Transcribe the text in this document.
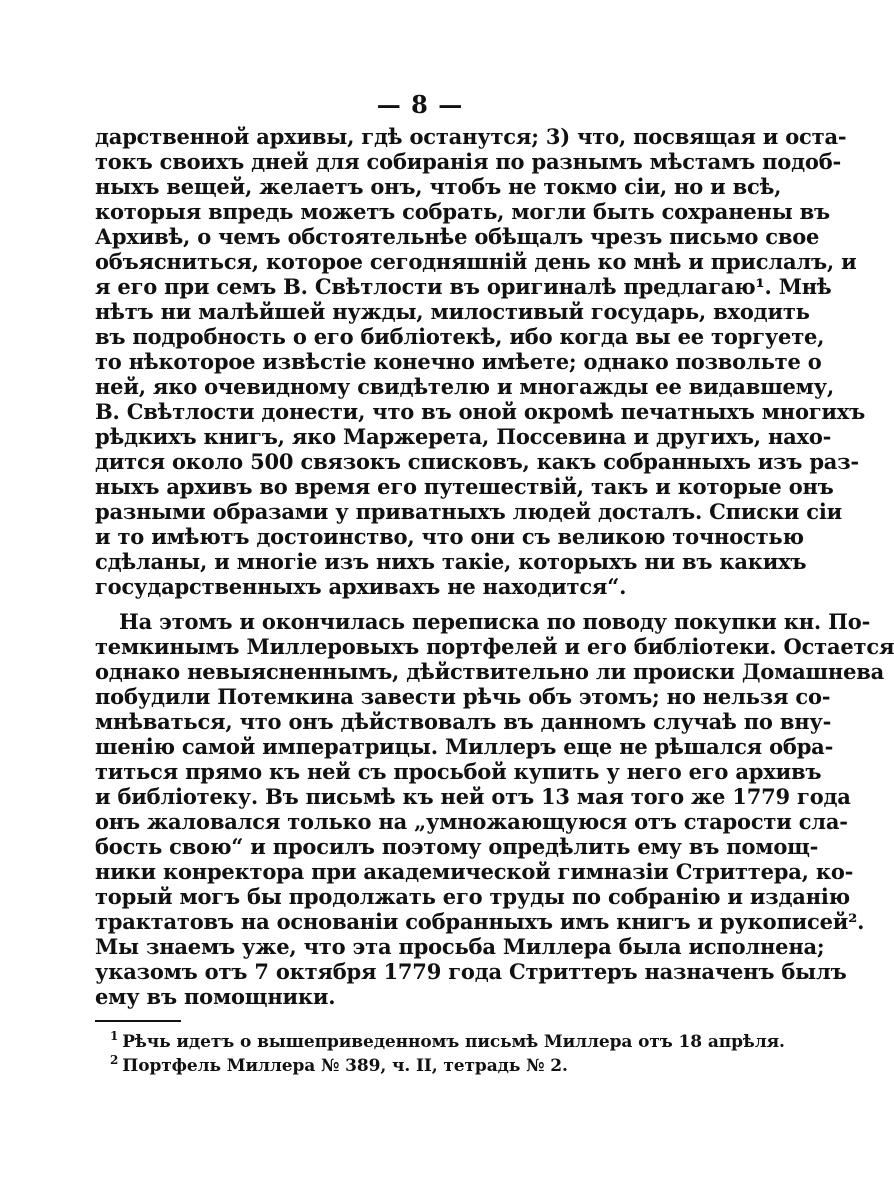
— 8 —
дарственной архивы, гдѣ останутся; 3) что, посвящая и оста-
токъ своихъ дней для собиранія по разнымъ мѣстамъ подоб-
ныхъ вещей, желаетъ онъ, чтобъ не токмо сіи, но и всѣ,
которыя впредь можетъ собрать, могли быть сохранены въ
Архивѣ, о чемъ обстоятельнѣе обѣщалъ чрезъ письмо свое
объясниться, которое сегодняшній день ко мнѣ и прислалъ, и
я его при семъ В. Свѣтлости въ оригиналѣ предлагаю¹. Мнѣ
нѣтъ ни малѣйшей нужды, милостивый государь, входить
въ подробность о его библіотекѣ, ибо когда вы ее торгуете,
то нѣкоторое извѣстіе конечно имѣете; однако позвольте о
ней, яко очевидному свидѣтелю и многажды ее видавшему,
В. Свѣтлости донести, что въ оной окромѣ печатныхъ многихъ
рѣдкихъ книгъ, яко Маржерета, Поссевина и другихъ, нахо-
дится около 500 связокъ списковъ, какъ собранныхъ изъ раз-
ныхъ архивъ во время его путешествій, такъ и которые онъ
разными образами у приватныхъ людей досталъ. Списки сіи
и то имѣютъ достоинство, что они съ великою точностью
сдѣланы, и многіе изъ нихъ такіе, которыхъ ни въ какихъ
государственныхъ архивахъ не находится“.
На этомъ и окончилась переписка по поводу покупки кн. По-
темкинымъ Миллеровыхъ портфелей и его библіотеки. Остается
однако невыясненнымъ, дѣйствительно ли происки Домашнева
побудили Потемкина завести рѣчь объ этомъ; но нельзя со-
мнѣваться, что онъ дѣйствовалъ въ данномъ случаѣ по вну-
шенію самой императрицы. Миллеръ еще не рѣшался обра-
титься прямо къ ней съ просьбой купить у него его архивъ
и библіотеку. Въ письмѣ къ ней отъ 13 мая того же 1779 года
онъ жаловался только на „умножающуюся отъ старости сла-
бость свою“ и просилъ поэтому опредѣлить ему въ помощ-
ники конректора при академической гимназіи Стриттера, ко-
торый могъ бы продолжать его труды по собранію и изданію
трактатовъ на основаніи собранныхъ имъ книгъ и рукописей².
Мы знаемъ уже, что эта просьба Миллера была исполнена;
указомъ отъ 7 октября 1779 года Стриттеръ назначенъ былъ
ему въ помощники.
$^1$ Рѣчь идетъ о вышеприведенномъ письмѣ Миллера отъ 18 апрѣля.
$^2$ Портфель Миллера № 389, ч. II, тетрадь № 2.
